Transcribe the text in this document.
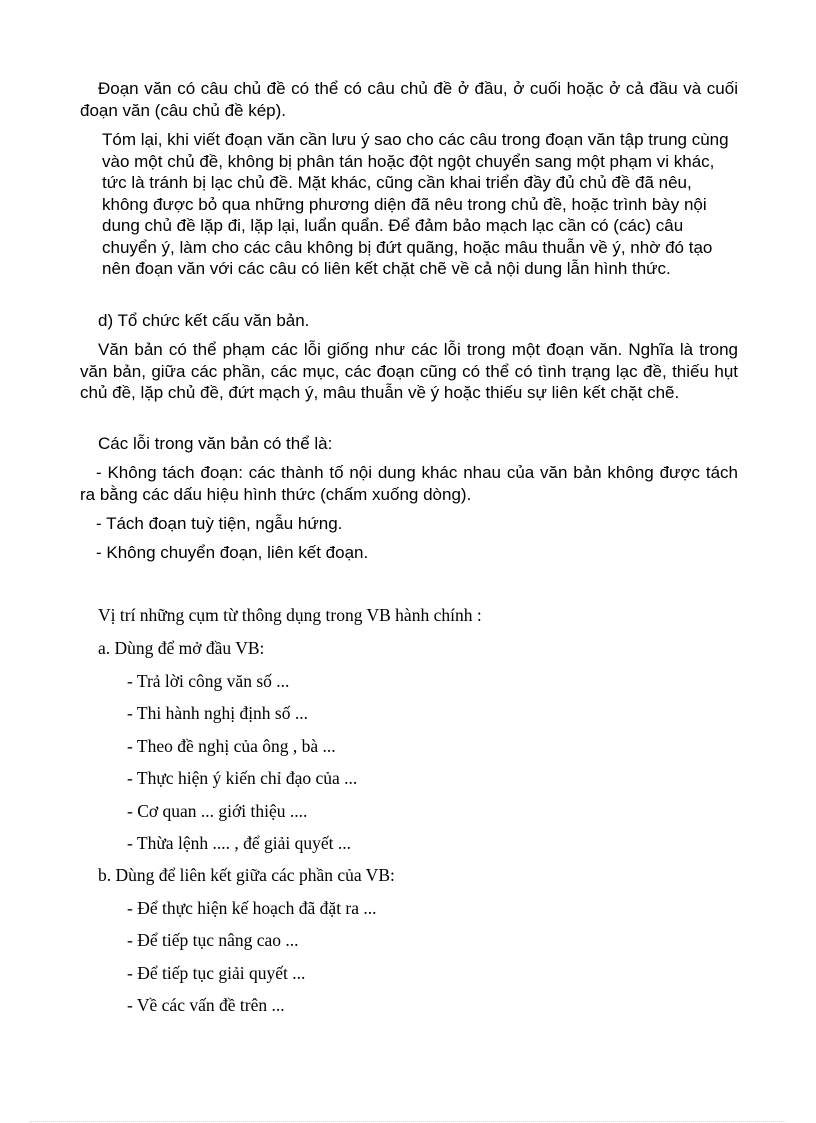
Đoạn văn có câu chủ đề có thể có câu chủ đề ở đầu, ở cuối hoặc ở cả đầu và cuối đoạn văn (câu chủ đề kép).

Tóm lại, khi viết đoạn văn cần lưu ý sao cho các câu trong đoạn văn tập trung cùng vào một chủ đề, không bị phân tán hoặc đột ngột chuyển sang một phạm vi khác, tức là tránh bị lạc chủ đề. Mặt khác, cũng cần khai triển đầy đủ chủ đề đã nêu, không được bỏ qua những phương diện đã nêu trong chủ đề, hoặc trình bày nội dung chủ đề lặp đi, lặp lại, luẩn quẩn. Để đảm bảo mạch lạc cần có (các) câu chuyển ý, làm cho các câu không bị đứt quãng, hoặc mâu thuẫn về ý, nhờ đó tạo nên đoạn văn với các câu có liên kết chặt chẽ về cả nội dung lẫn hình thức.

d) Tổ chức kết cấu văn bản.

Văn bản có thể phạm các lỗi giống như các lỗi trong một đoạn văn. Nghĩa là trong văn bản, giữa các phần, các mục, các đoạn cũng có thể có tình trạng lạc đề, thiếu hụt chủ đề, lặp chủ đề, đứt mạch ý, mâu thuẫn về ý hoặc thiếu sự liên kết chặt chẽ.

Các lỗi trong văn bản có thể là:

- Không tách đoạn: các thành tố nội dung khác nhau của văn bản không được tách ra bằng các dấu hiệu hình thức (chấm xuống dòng).

- Tách đoạn tuỳ tiện, ngẫu hứng.

- Không chuyển đoạn, liên kết đoạn.

Vị trí những cụm từ thông dụng trong VB hành chính :

a. Dùng để mở đầu VB:

- Trả lời công văn số ...

- Thi hành nghị định số ...

- Theo đề nghị của ông , bà ...

- Thực hiện ý kiến chỉ đạo của ...

- Cơ quan ... giới thiệu ....

- Thừa lệnh .... , để giải quyết ...

b. Dùng để liên kết giữa các phần của VB:

- Để thực hiện kế hoạch đã đặt ra ...

- Để tiếp tục nâng cao ...

- Để tiếp tục giải quyết ...

- Về các vấn đề trên ...
